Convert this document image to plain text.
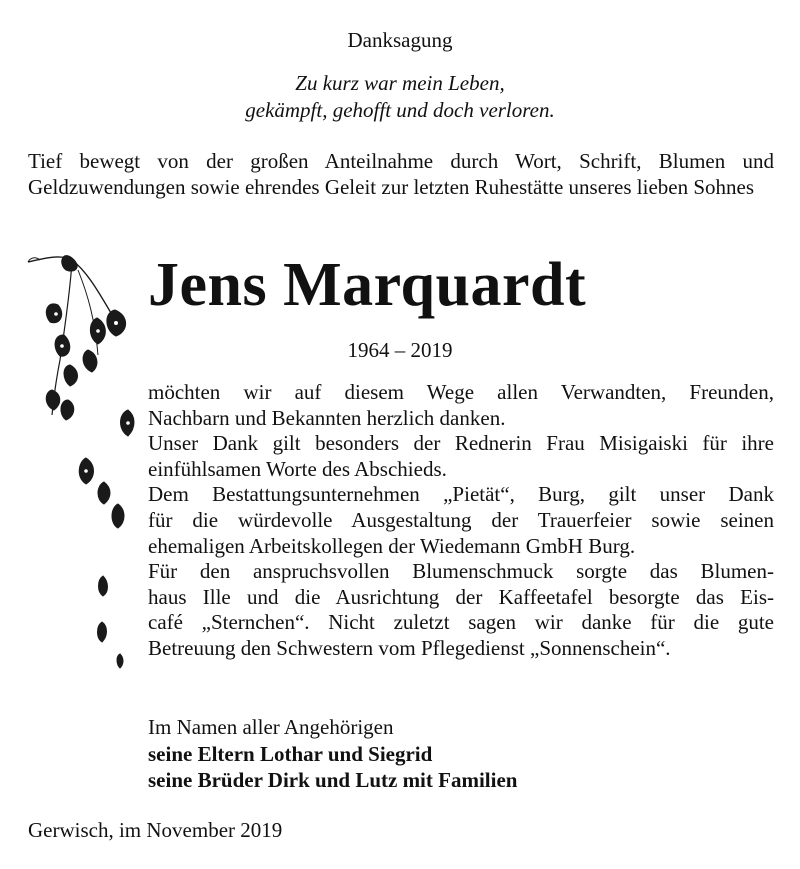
Danksagung
Zu kurz war mein Leben,
gekämpft, gehofft und doch verloren.
Tief bewegt von der großen Anteilnahme durch Wort, Schrift, Blumen und Geldzuwendungen sowie ehrendes Geleit zur letzten Ruhestätte unseres lieben Sohnes
Jens Marquardt
1964 – 2019
möchten wir auf diesem Wege allen Verwandten, Freunden,
Nachbarn und Bekannten herzlich danken.
Unser Dank gilt besonders der Rednerin Frau Misigaiski für ihre
einfühlsamen Worte des Abschieds.
Dem Bestattungsunternehmen „Pietät“, Burg, gilt unser Dank
für die würdevolle Ausgestaltung der Trauerfeier sowie seinen
ehemaligen Arbeitskollegen der Wiedemann GmbH Burg.
Für den anspruchsvollen Blumenschmuck sorgte das Blumen-
haus Ille und die Ausrichtung der Kaffeetafel besorgte das Eis-
café „Sternchen“. Nicht zuletzt sagen wir danke für die gute
Betreuung den Schwestern vom Pflegedienst „Sonnenschein“.
Im Namen aller Angehörigen
seine Eltern Lothar und Siegrid
seine Brüder Dirk und Lutz mit Familien
Gerwisch, im November 2019
